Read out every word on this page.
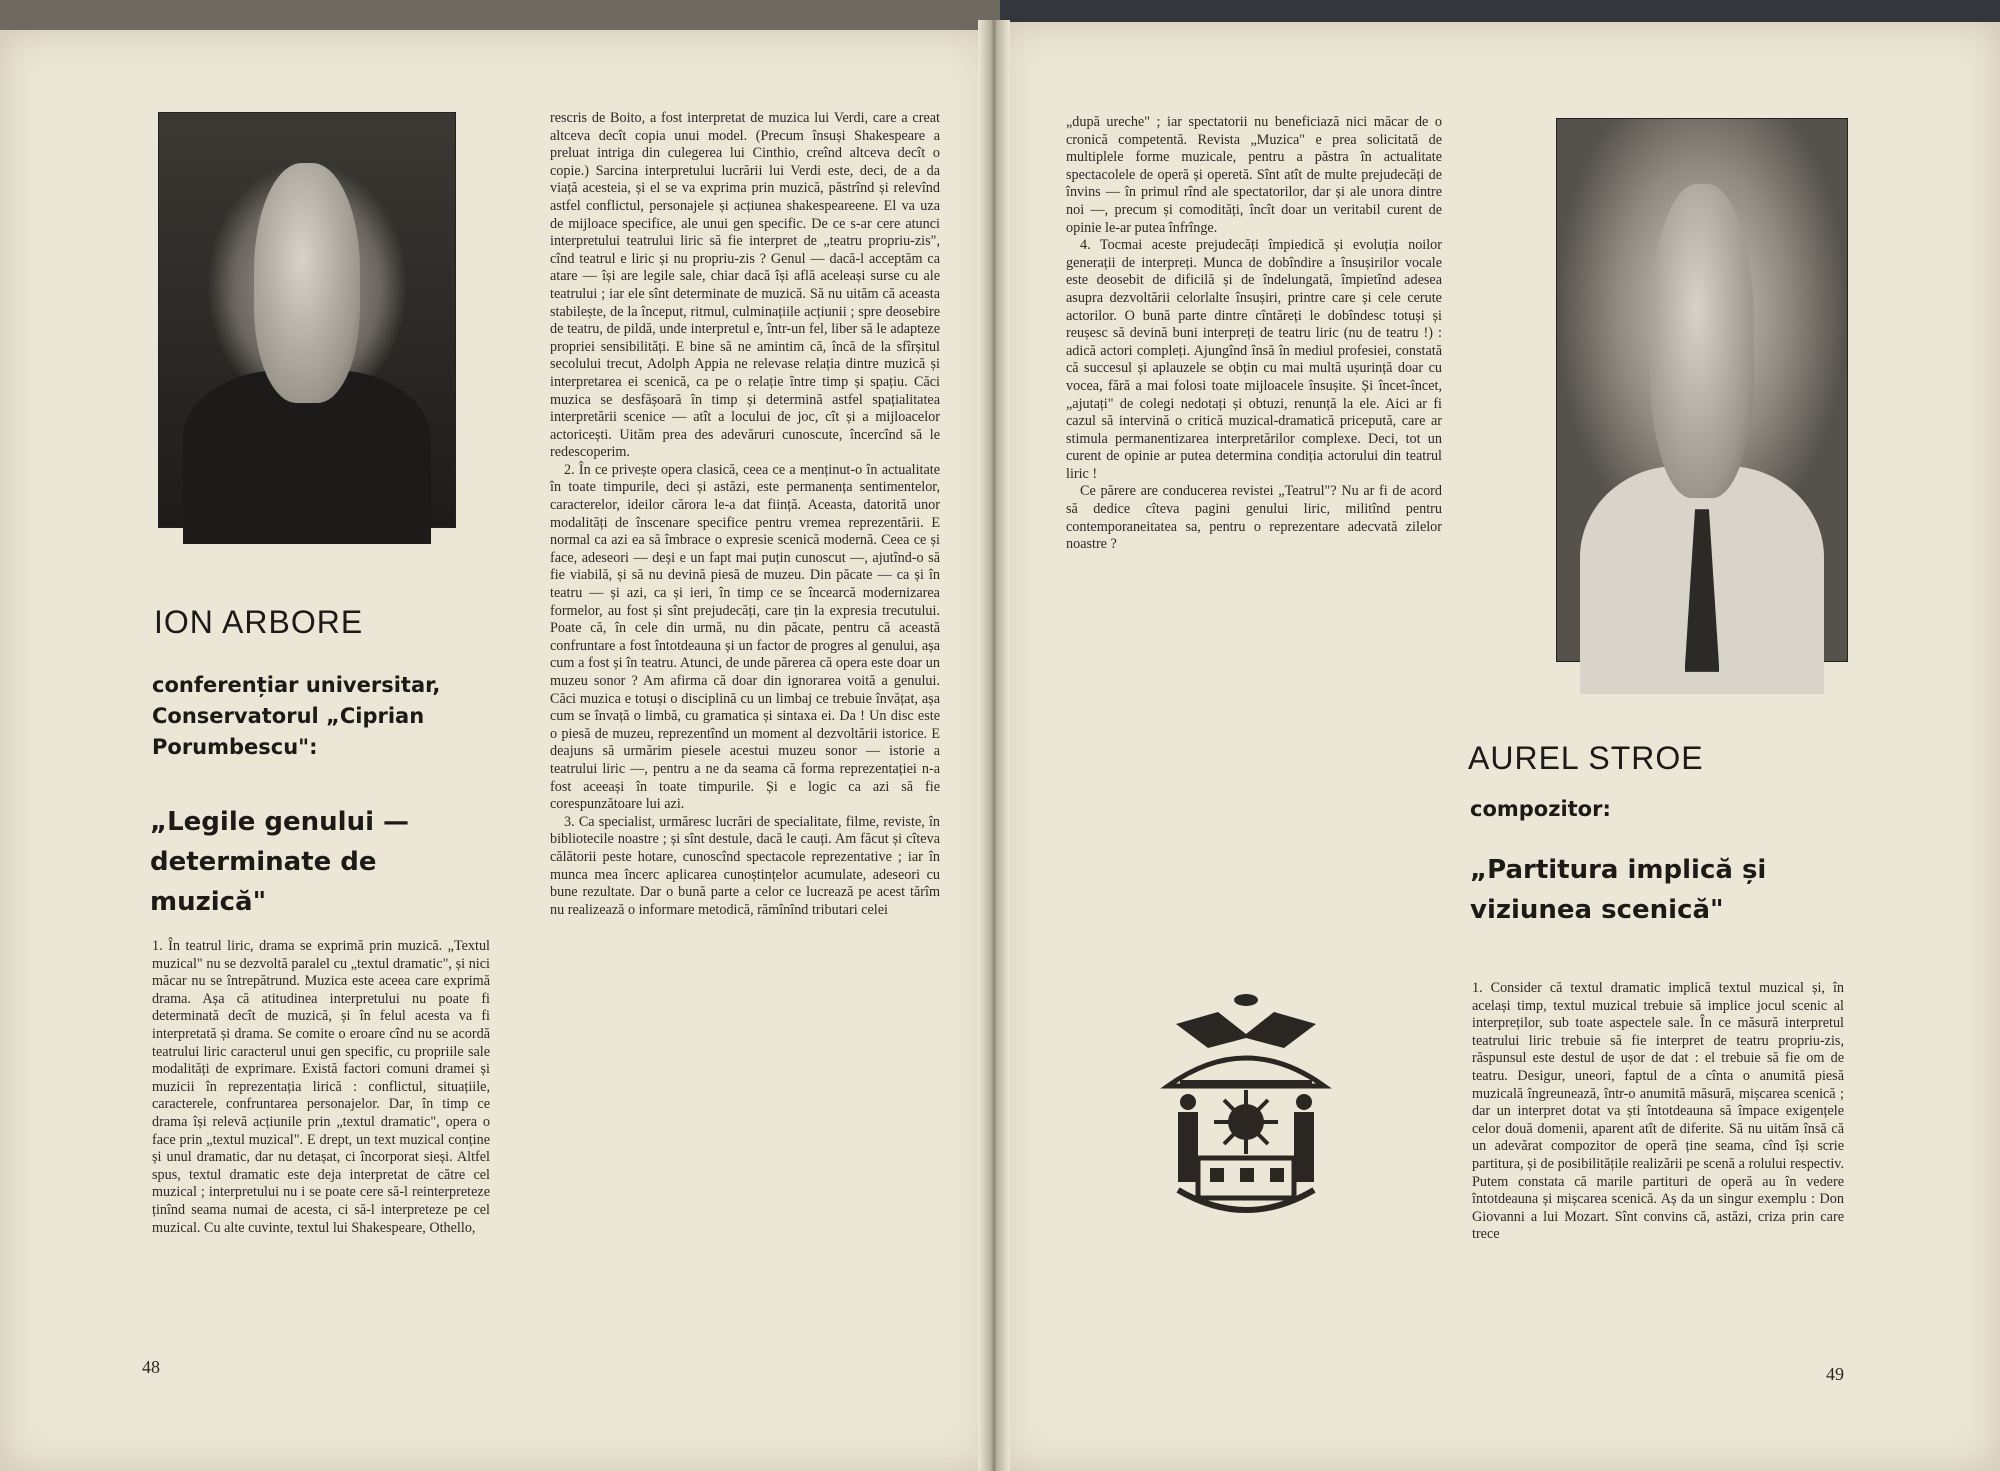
ION ARBORE
conferențiar universitar, Conservatorul „Ciprian Porumbescu":
„Legile genului — determinate de muzică"

1. În teatrul liric, drama se exprimă prin muzică. „Textul muzical" nu se dezvoltă paralel cu „textul dramatic", și nici măcar nu se întrepătrund. Muzica este aceea care exprimă drama. Așa că atitudinea interpretului nu poate fi determinată decît de muzică, și în felul acesta va fi interpretată și drama. Se comite o eroare cînd nu se acordă teatrului liric caracterul unui gen specific, cu propriile sale modalități de exprimare. Există factori comuni dramei și muzicii în reprezentația lirică : conflictul, situațiile, caracterele, confruntarea personajelor. Dar, în timp ce drama își relevă acțiunile prin „textul dramatic", opera o face prin „textul muzical". E drept, un text muzical conține și unul dramatic, dar nu detașat, ci încorporat sieși. Altfel spus, textul dramatic este deja interpretat de către cel muzical ; interpretului nu i se poate cere să-l reinterpreteze ținînd seama numai de acesta, ci să-l interpreteze pe cel muzical. Cu alte cuvinte, textul lui Shakespeare, Othello,

rescris de Boito, a fost interpretat de muzica lui Verdi, care a creat altceva decît copia unui model. (Precum însuși Shakespeare a preluat intriga din culegerea lui Cinthio, creînd altceva decît o copie.) Sarcina interpretului lucrării lui Verdi este, deci, de a da viață acesteia, și el se va exprima prin muzică, păstrînd și relevînd astfel conflictul, personajele și acțiunea shakespeareene. El va uza de mijloace specifice, ale unui gen specific. De ce s-ar cere atunci interpretului teatrului liric să fie interpret de „teatru propriu-zis", cînd teatrul e liric și nu propriu-zis ? Genul — dacă-l acceptăm ca atare — își are legile sale, chiar dacă își află aceleași surse cu ale teatrului ; iar ele sînt determinate de muzică. Să nu uităm că aceasta stabilește, de la început, ritmul, culminațiile acțiunii ; spre deosebire de teatru, de pildă, unde interpretul e, într-un fel, liber să le adapteze propriei sensibilități. E bine să ne amintim că, încă de la sfîrșitul secolului trecut, Adolph Appia ne relevase relația dintre muzică și interpretarea ei scenică, ca pe o relație între timp și spațiu. Căci muzica se desfășoară în timp și determină astfel spațialitatea interpretării scenice — atît a locului de joc, cît și a mijloacelor actoricești. Uităm prea des adevăruri cunoscute, încercînd să le redescoperim.

2. În ce privește opera clasică, ceea ce a menținut-o în actualitate în toate timpurile, deci și astăzi, este permanența sentimentelor, caracterelor, ideilor cărora le-a dat ființă. Aceasta, datorită unor modalități de înscenare specifice pentru vremea reprezentării. E normal ca azi ea să îmbrace o expresie scenică modernă. Ceea ce și face, adeseori — deși e un fapt mai puțin cunoscut —, ajutînd-o să fie viabilă, și să nu devină piesă de muzeu. Din păcate — ca și în teatru — și azi, ca și ieri, în timp ce se încearcă modernizarea formelor, au fost și sînt prejudecăți, care țin la expresia trecutului. Poate că, în cele din urmă, nu din păcate, pentru că această confruntare a fost întotdeauna și un factor de progres al genului, așa cum a fost și în teatru. Atunci, de unde părerea că opera este doar un muzeu sonor ? Am afirma că doar din ignorarea voită a genului. Căci muzica e totuși o disciplină cu un limbaj ce trebuie învățat, așa cum se învață o limbă, cu gramatica și sintaxa ei. Da ! Un disc este o piesă de muzeu, reprezentînd un moment al dezvoltării istorice. E deajuns să urmărim piesele acestui muzeu sonor — istorie a teatrului liric —, pentru a ne da seama că forma reprezentației n-a fost aceeași în toate timpurile. Și e logic ca azi să fie corespunzătoare lui azi.

3. Ca specialist, urmăresc lucrări de specialitate, filme, reviste, în bibliotecile noastre ; și sînt destule, dacă le cauți. Am făcut și cîteva călătorii peste hotare, cunoscînd spectacole reprezentative ; iar în munca mea încerc aplicarea cunoștințelor acumulate, adeseori cu bune rezultate. Dar o bună parte a celor ce lucrează pe acest tărîm nu realizează o informare metodică, rămînînd tributari celei

48

„după ureche" ; iar spectatorii nu beneficiază nici măcar de o cronică competentă. Revista „Muzica" e prea solicitată de multiplele forme muzicale, pentru a păstra în actualitate spectacolele de operă și operetă. Sînt atît de multe prejudecăți de învins — în primul rînd ale spectatorilor, dar și ale unora dintre noi —, precum și comodități, încît doar un veritabil curent de opinie le-ar putea înfrînge.

4. Tocmai aceste prejudecăți împiedică și evoluția noilor generații de interpreți. Munca de dobîndire a însușirilor vocale este deosebit de dificilă și de îndelungată, împietînd adesea asupra dezvoltării celorlalte însușiri, printre care și cele cerute actorilor. O bună parte dintre cîntăreți le dobîndesc totuși și reușesc să devină buni interpreți de teatru liric (nu de teatru !) : adică actori compleți. Ajungînd însă în mediul profesiei, constată că succesul și aplauzele se obțin cu mai multă ușurință doar cu vocea, fără a mai folosi toate mijloacele însușite. Și încet-încet, „ajutați" de colegi nedotați și obtuzi, renunță la ele. Aici ar fi cazul să intervină o critică muzical-dramatică pricepută, care ar stimula permanentizarea interpretărilor complexe. Deci, tot un curent de opinie ar putea determina condiția actorului din teatrul liric !

Ce părere are conducerea revistei „Teatrul"? Nu ar fi de acord să dedice cîteva pagini genului liric, militînd pentru contemporaneitatea sa, pentru o reprezentare adecvată zilelor noastre ?

AUREL STROE
compozitor:
„Partitura implică și viziunea scenică"

1. Consider că textul dramatic implică textul muzical și, în același timp, textul muzical trebuie să implice jocul scenic al interpreților, sub toate aspectele sale. În ce măsură interpretul teatrului liric trebuie să fie interpret de teatru propriu-zis, răspunsul este destul de ușor de dat : el trebuie să fie om de teatru. Desigur, uneori, faptul de a cînta o anumită piesă muzicală îngreunează, într-o anumită măsură, mișcarea scenică ; dar un interpret dotat va ști întotdeauna să împace exigențele celor două domenii, aparent atît de diferite. Să nu uităm însă că un adevărat compozitor de operă ține seama, cînd își scrie partitura, și de posibilitățile realizării pe scenă a rolului respectiv. Putem constata că marile partituri de operă au în vedere întotdeauna și mișcarea scenică. Aș da un singur exemplu : Don Giovanni a lui Mozart. Sînt convins că, astăzi, criza prin care trece

49
